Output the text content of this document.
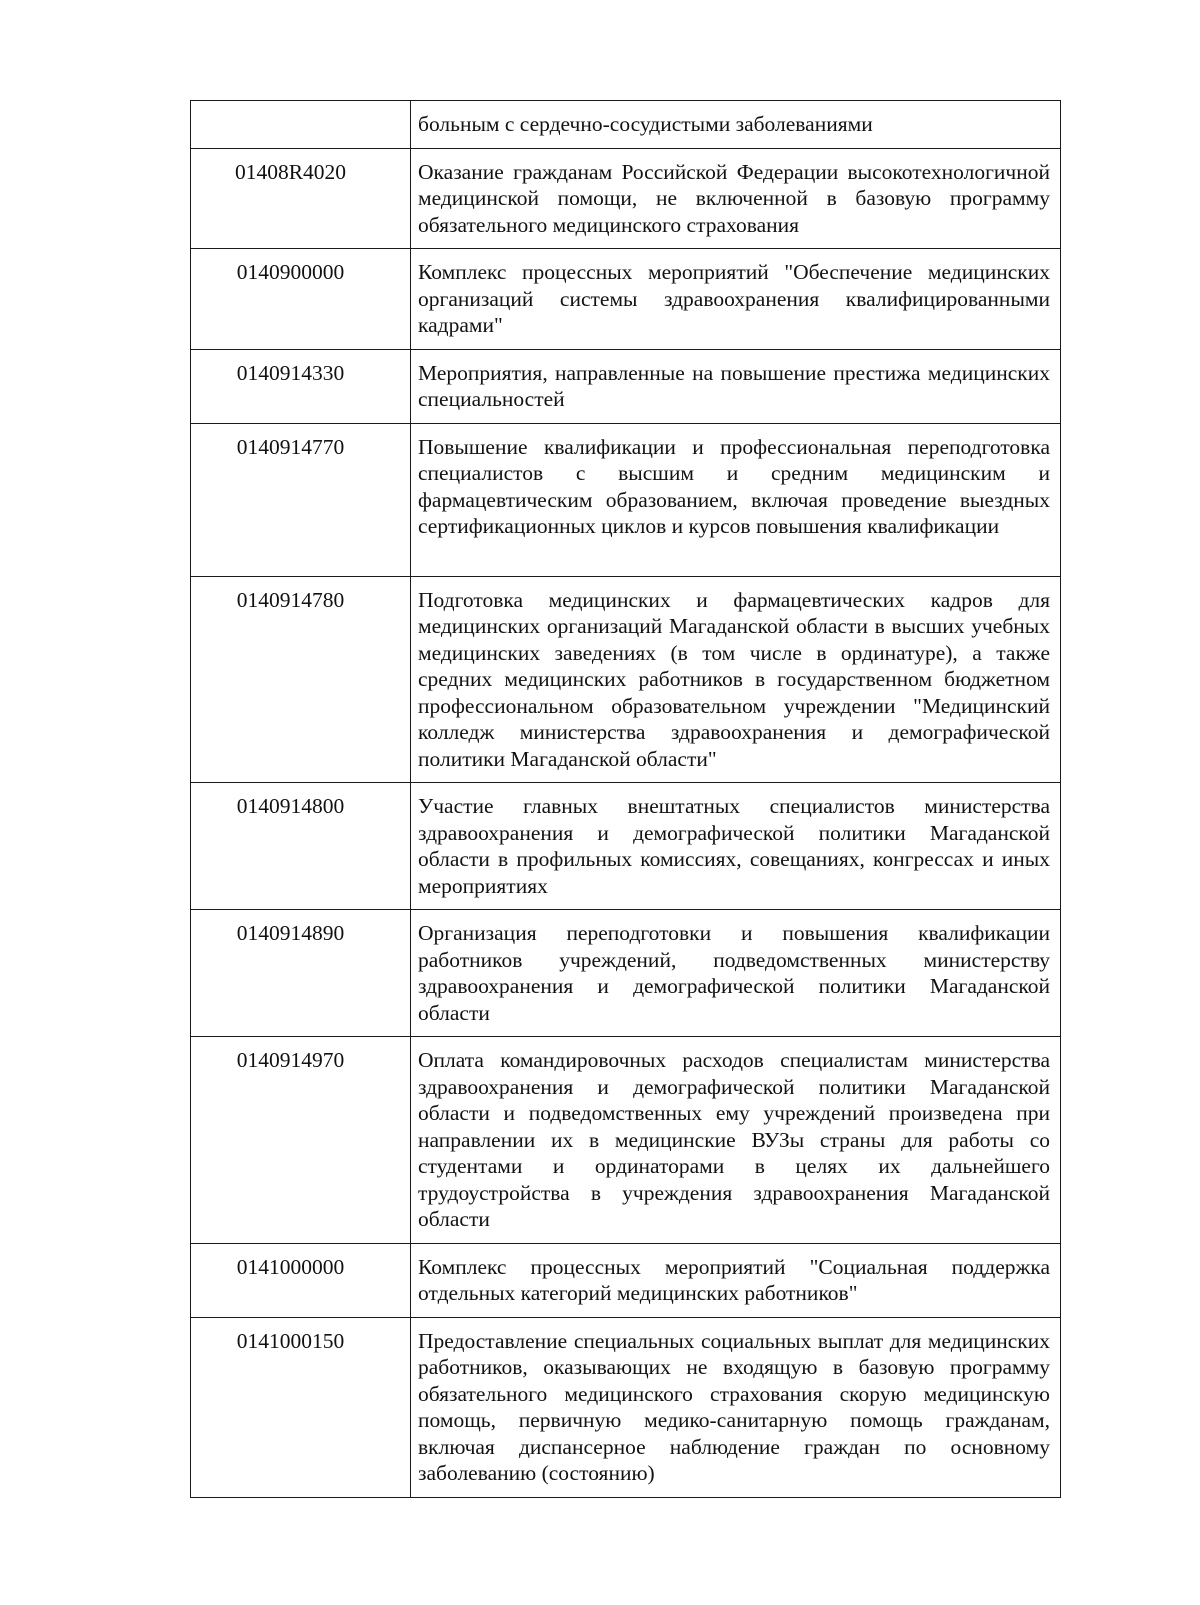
	больным с сердечно-сосудистыми заболеваниями
01408R4020	Оказание гражданам Российской Федерации высокотехнологичной медицинской помощи, не включенной в базовую программу обязательного медицинского страхования
0140900000	Комплекс процессных мероприятий "Обеспечение медицинских организаций системы здравоохранения квалифицированными кадрами"
0140914330	Мероприятия, направленные на повышение престижа медицинских специальностей
0140914770	Повышение квалификации и профессиональная переподготовка специалистов с высшим и средним медицинским и фармацевтическим образованием, включая проведение выездных сертификационных циклов и курсов повышения квалификации
0140914780	Подготовка медицинских и фармацевтических кадров для медицинских организаций Магаданской области в высших учебных медицинских заведениях (в том числе в ординатуре), а также средних медицинских работников в государственном бюджетном профессиональном образовательном учреждении "Медицинский колледж министерства здравоохранения и демографической политики Магаданской области"
0140914800	Участие главных внештатных специалистов министерства здравоохранения и демографической политики Магаданской области в профильных комиссиях, совещаниях, конгрессах и иных мероприятиях
0140914890	Организация переподготовки и повышения квалификации работников учреждений, подведомственных министерству здравоохранения и демографической политики Магаданской области
0140914970	Оплата командировочных расходов специалистам министерства здравоохранения и демографической политики Магаданской области и подведомственных ему учреждений произведена при направлении их в медицинские ВУЗы страны для работы со студентами и ординаторами в целях их дальнейшего трудоустройства в учреждения здравоохранения Магаданской области
0141000000	Комплекс процессных мероприятий "Социальная поддержка отдельных категорий медицинских работников"
0141000150	Предоставление специальных социальных выплат для медицинских работников, оказывающих не входящую в базовую программу обязательного медицинского страхования скорую медицинскую помощь, первичную медико-санитарную помощь гражданам, включая диспансерное наблюдение граждан по основному заболеванию (состоянию)
